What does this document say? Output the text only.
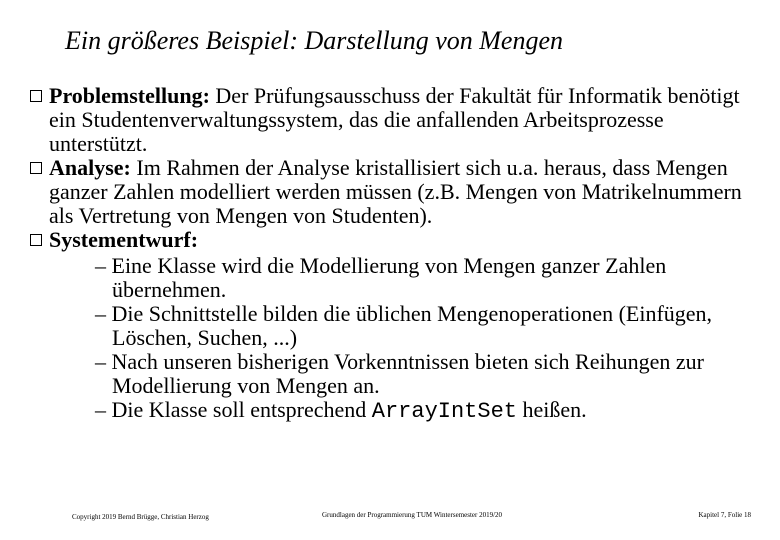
Ein größeres Beispiel: Darstellung von Mengen
Problemstellung: Der Prüfungsausschuss der Fakultät für Informatik benötigt ein Studentenverwaltungssystem, das die anfallenden Arbeitsprozesse unterstützt.
Analyse: Im Rahmen der Analyse kristallisiert sich u.a. heraus, dass Mengen ganzer Zahlen modelliert werden müssen (z.B. Mengen von Matrikelnummern als Vertretung von Mengen von Studenten).
Systementwurf:
– Eine Klasse wird die Modellierung von Mengen ganzer Zahlen übernehmen.
– Die Schnittstelle bilden die üblichen Mengenoperationen (Einfügen, Löschen, Suchen, ...)
– Nach unseren bisherigen Vorkenntnissen bieten sich Reihungen zur Modellierung von Mengen an.
– Die Klasse soll entsprechend ArrayIntSet heißen.
Copyright 2019 Bernd Brügge, Christian Herzog	Grundlagen der Programmierung TUM Wintersemester 2019/20	Kapitel 7, Folie 18
